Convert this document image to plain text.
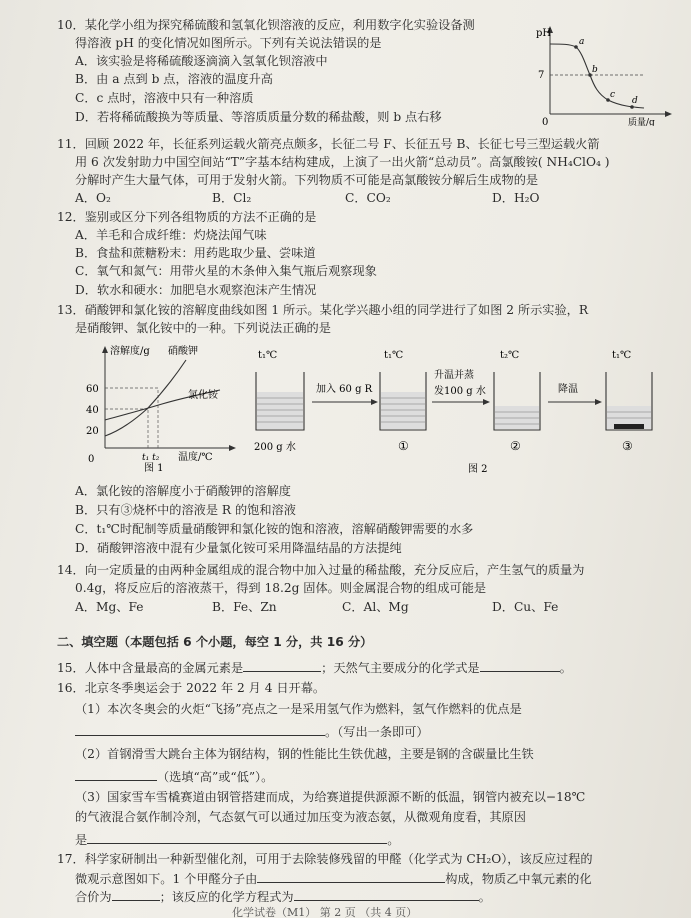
10．某化学小组为探究稀硫酸和氢氧化钡溶液的反应，利用数字化实验设备测
得溶液 pH 的变化情况如图所示。下列有关说法错误的是
A．该实验是将稀硫酸逐滴滴入氢氧化钡溶液中
B．由 a 点到 b 点，溶液的温度升高
C．c 点时，溶液中只有一种溶质
D．若将稀硫酸换为等质量、等溶质质量分数的稀盐酸，则 b 点右移
pH
7
0	质量/g
a
b
c
d
11．回顾 2022 年，长征系列运载火箭亮点颇多，长征二号 F、长征五号 B、长征七号三型运载火箭
用 6 次发射助力中国空间站“T”字基本结构建成，上演了一出火箭“总动员”。高氯酸铵( NH₄ClO₄ )
分解时产生大量气体，可用于发射火箭。下列物质不可能是高氯酸铵分解后生成物的是
A．O₂	B．Cl₂	C．CO₂	D．H₂O
12．鉴别或区分下列各组物质的方法不正确的是
A．羊毛和合成纤维：灼烧法闻气味
B．食盐和蔗糖粉末：用药匙取少量、尝味道
C．氧气和氮气：用带火星的木条伸入集气瓶后观察现象
D．软水和硬水：加肥皂水观察泡沫产生情况
13．硝酸钾和氯化铵的溶解度曲线如图 1 所示。某化学兴趣小组的同学进行了如图 2 所示实验，R
是硝酸钾、氯化铵中的一种。下列说法正确的是
溶解度/g 硝酸钾
氯化铵
60
40
20
0	t₁ t₂ 温度/℃
图 1
t₁℃
200 g 水
加入 60 g R
t₁℃
①
升温并蒸
发100 g 水
t₂℃
②
降温
t₁℃
③
图 2
A．氯化铵的溶解度小于硝酸钾的溶解度
B．只有③烧杯中的溶液是 R 的饱和溶液
C．t₁℃时配制等质量硝酸钾和氯化铵的饱和溶液，溶解硝酸钾需要的水多
D．硝酸钾溶液中混有少量氯化铵可采用降温结晶的方法提纯
14．向一定质量的由两种金属组成的混合物中加入过量的稀盐酸，充分反应后，产生氢气的质量为
0.4g，将反应后的溶液蒸干，得到 18.2g 固体。则金属混合物的组成可能是
A．Mg、Fe	B．Fe、Zn	C．Al、Mg	D．Cu、Fe
二、填空题（本题包括 6 个小题，每空 1 分，共 16 分）
15．人体中含量最高的金属元素是	；天然气主要成分的化学式是	。
16．北京冬季奥运会于 2022 年 2 月 4 日开幕。
（1）本次冬奥会的火炬“飞扬”亮点之一是采用氢气作为燃料，氢气作燃料的优点是
。（写出一条即可）
（2）首钢滑雪大跳台主体为钢结构，钢的性能比生铁优越，主要是钢的含碳量比生铁
（选填“高”或“低”）。
（3）国家雪车雪橇赛道由钢管搭建而成，为给赛道提供源源不断的低温，钢管内被充以−18℃
的气液混合氨作制冷剂，气态氨气可以通过加压变为液态氨，从微观角度看，其原因
是	。
17．科学家研制出一种新型催化剂，可用于去除装修残留的甲醛（化学式为 CH₂O），该反应过程的
微观示意图如下。1 个甲醛分子由	构成，物质乙中氧元素的化
合价为	；该反应的化学方程式为	。
化学试卷（M1） 第 2 页 （共 4 页）
